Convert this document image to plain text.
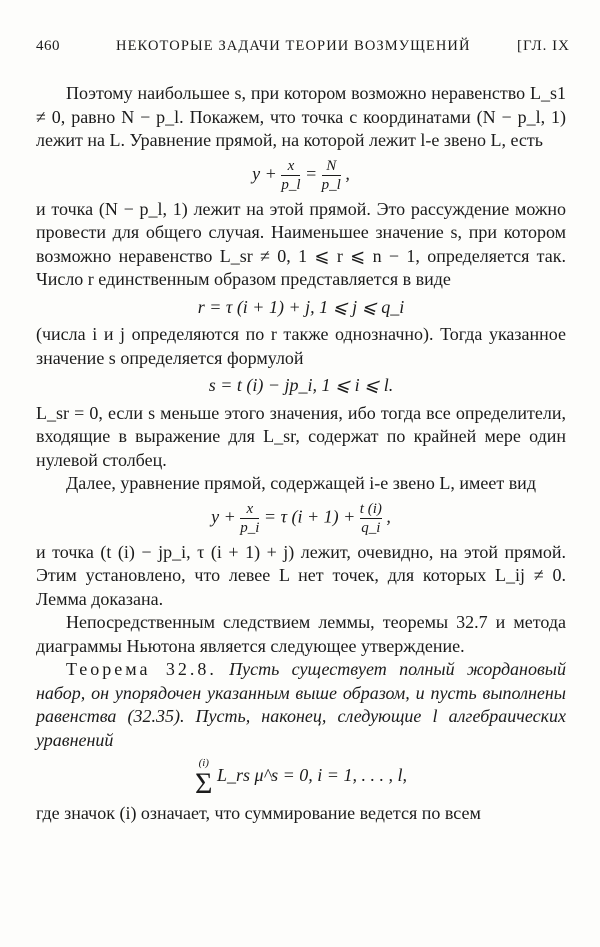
460	НЕКОТОРЫЕ ЗАДАЧИ ТЕОРИИ ВОЗМУЩЕНИЙ	[ГЛ. IX

Поэтому наибольшее s, при котором возможно неравенство L_s1 ≠ 0, равно N − p_l. Покажем, что точка с координатами (N − p_l, 1) лежит на L. Уравнение прямой, на которой лежит l-е звено L, есть

$y + \frac{x}{p\_l} = \frac{N}{p\_l}$ ,

и точка (N − p_l, 1) лежит на этой прямой. Это рассуждение можно провести для общего случая. Наименьшее значение s, при котором возможно неравенство L_sr ≠ 0, 1 ⩽ r ⩽ n − 1, определяется так. Число r единственным образом представляется в виде

r = τ (i + 1) + j, 1 ⩽ j ⩽ q_i

(числа i и j определяются по r также однозначно). Тогда указанное значение s определяется формулой

s = t (i) − jp_i, 1 ⩽ i ⩽ l.

L_sr = 0, если s меньше этого значения, ибо тогда все определители, входящие в выражение для L_sr, содержат по крайней мере один нулевой столбец.

Далее, уравнение прямой, содержащей i-е звено L, имеет вид

$y + \frac{x}{p\_i} = \tau$ $(i + 1) + \frac{t (i)}{q\_i}$ ,

и точка (t (i) − jp_i, τ (i + 1) + j) лежит, очевидно, на этой прямой. Этим установлено, что левее L нет точек, для которых L_ij ≠ 0. Лемма доказана.

Непосредственным следствием леммы, теоремы 32.7 и метода диаграммы Ньютона является следующее утверждение.

Теорема 32.8. Пусть существует полный жордановый набор, он упорядочен указанным выше образом, и пусть выполнены равенства (32.35). Пусть, наконец, следующие l алгебраических уравнений

(i)
Σ L_rs μ^s = 0, i = 1, . . . , l,

где значок (i) означает, что суммирование ведется по всем
